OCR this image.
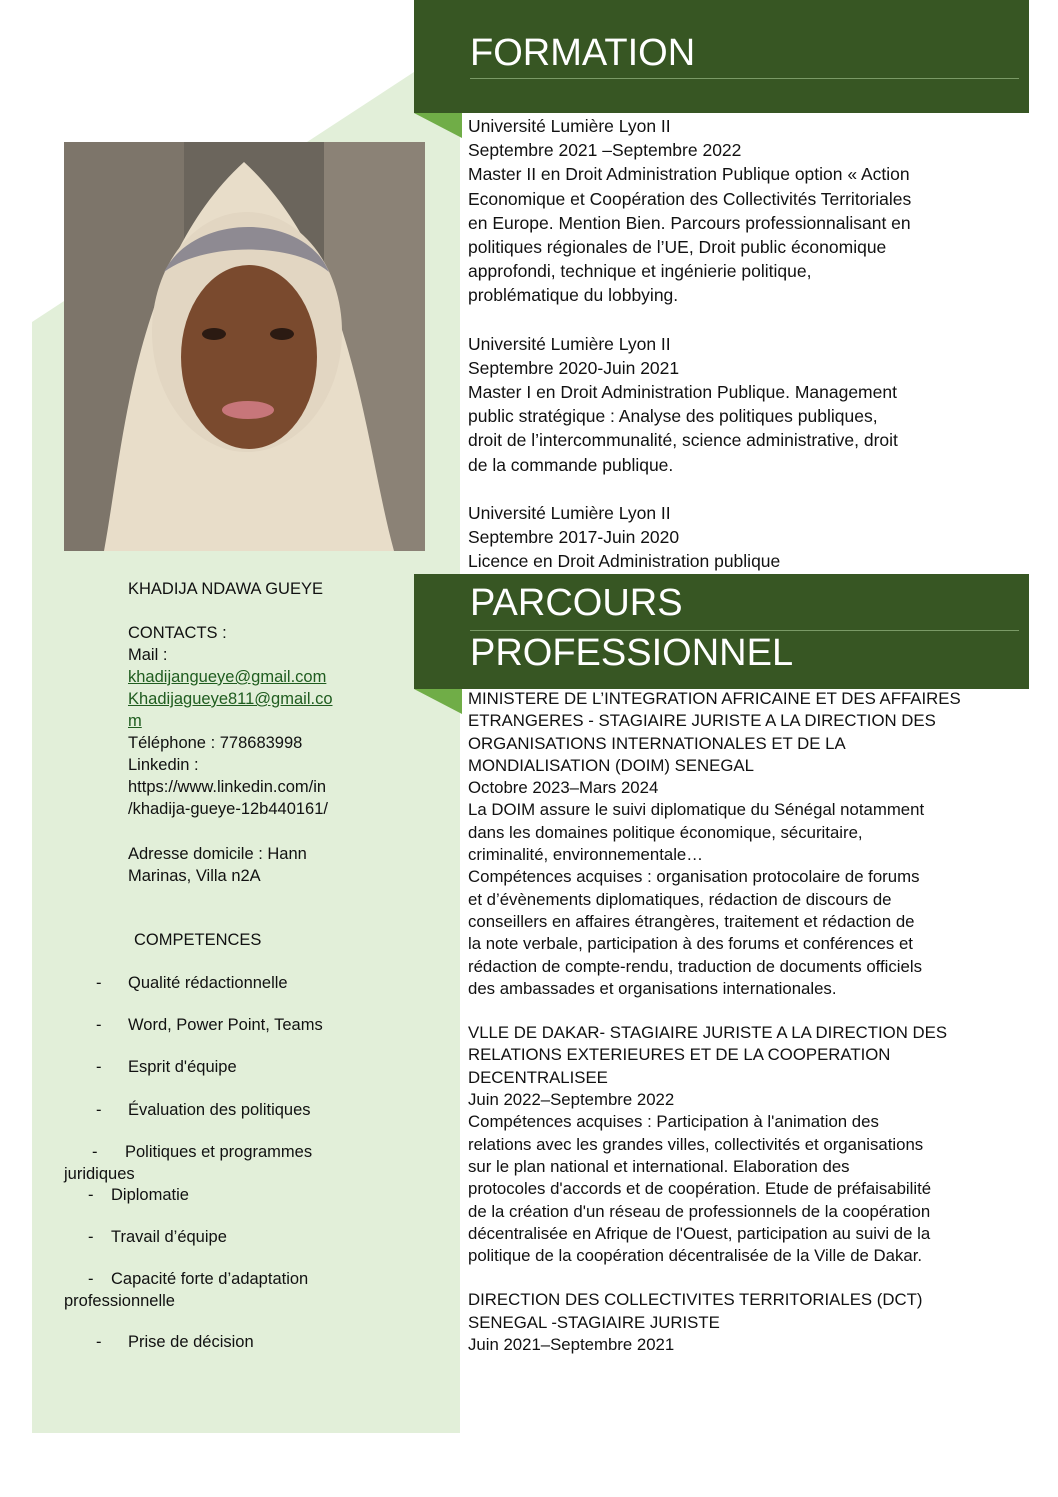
KHADIJA NDAWA GUEYE
CONTACTS :
Mail :
khadijangueye@gmail.com
Khadijagueye811@gmail.co
m
Téléphone : 778683998
Linkedin :
https://www.linkedin.com/in
/khadija-gueye-12b440161/
Adresse domicile : Hann
Marinas, Villa n2A
COMPETENCES
- Qualité rédactionnelle
- Word, Power Point, Teams
- Esprit d'équipe
- Évaluation des politiques
- Politiques et programmes
juridiques
- Diplomatie
- Travail d’équipe
- Capacité forte d’adaptation
professionnelle
- Prise de décision
FORMATION
Université Lumière Lyon II
Septembre 2021 –Septembre 2022
Master II en Droit Administration Publique option « Action
Economique et Coopération des Collectivités Territoriales
en Europe. Mention Bien. Parcours professionnalisant en
politiques régionales de l’UE, Droit public économique
approfondi, technique et ingénierie politique,
problématique du lobbying.
Université Lumière Lyon II
Septembre 2020-Juin 2021
Master I en Droit Administration Publique. Management
public stratégique : Analyse des politiques publiques,
droit de l’intercommunalité, science administrative, droit
de la commande publique.
Université Lumière Lyon II
Septembre 2017-Juin 2020
Licence en Droit Administration publique
PARCOURS
PROFESSIONNEL
MINISTERE DE L’INTEGRATION AFRICAINE ET DES AFFAIRES
ETRANGERES - STAGIAIRE JURISTE A LA DIRECTION DES
ORGANISATIONS INTERNATIONALES ET DE LA
MONDIALISATION (DOIM) SENEGAL
Octobre 2023–Mars 2024
La DOIM assure le suivi diplomatique du Sénégal notamment
dans les domaines politique économique, sécuritaire,
criminalité, environnementale…
Compétences acquises : organisation protocolaire de forums
et d’évènements diplomatiques, rédaction de discours de
conseillers en affaires étrangères, traitement et rédaction de
la note verbale, participation à des forums et conférences et
rédaction de compte-rendu, traduction de documents officiels
des ambassades et organisations internationales.
VLLE DE DAKAR- STAGIAIRE JURISTE A LA DIRECTION DES
RELATIONS EXTERIEURES ET DE LA COOPERATION
DECENTRALISEE
Juin 2022–Septembre 2022
Compétences acquises : Participation à l'animation des
relations avec les grandes villes, collectivités et organisations
sur le plan national et international. Elaboration des
protocoles d'accords et de coopération. Etude de préfaisabilité
de la création d'un réseau de professionnels de la coopération
décentralisée en Afrique de l'Ouest, participation au suivi de la
politique de la coopération décentralisée de la Ville de Dakar.
DIRECTION DES COLLECTIVITES TERRITORIALES (DCT)
SENEGAL -STAGIAIRE JURISTE
Juin 2021–Septembre 2021
